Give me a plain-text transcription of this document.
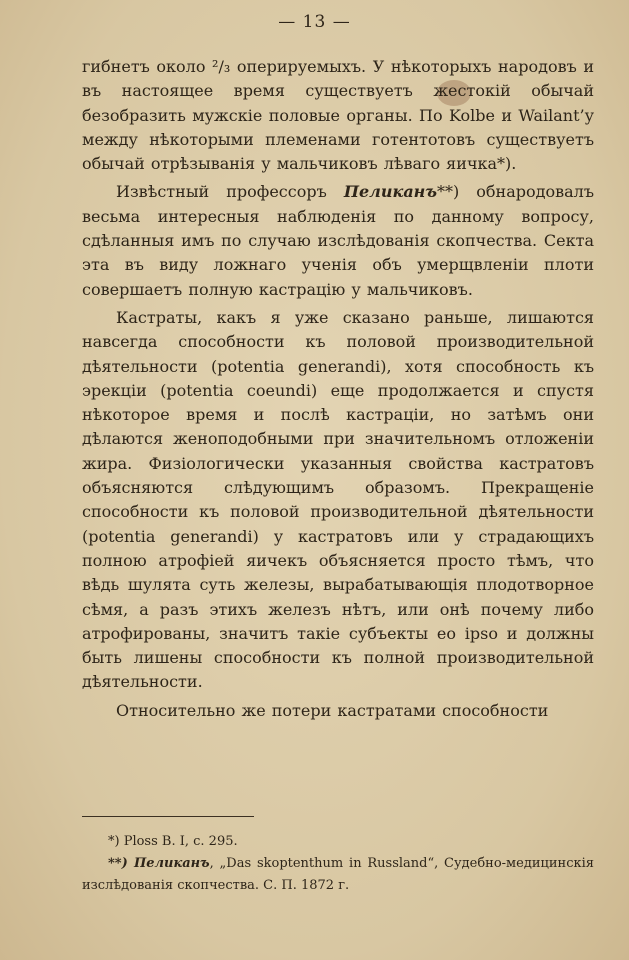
— 13 —

гибнетъ около ²/₃ оперируемыхъ. У нѣкоторыхъ народовъ и въ настоящее время существуетъ жестокій обычай безобразить мужскіе половые органы. По Kolbe и Wailant’у между нѣкоторыми племенами готентотовъ существуетъ обычай отрѣзыванія у мальчиковъ лѣваго яичка*).

Извѣстный профессоръ Пеликанъ**) обнародовалъ весьма интересныя наблюденія по данному вопросу, сдѣланныя имъ по случаю изслѣдованія скопчества. Секта эта въ виду ложнаго ученія объ умерщвленіи плоти совершаетъ полную кастрацію у мальчиковъ.

Кастраты, какъ я уже сказано раньше, лишаются навсегда способности къ половой производительной дѣятельности (potentia generandi), хотя способность къ эрекціи (potentia coeundi) еще продолжается и спустя нѣкоторое время и послѣ кастраціи, но затѣмъ они дѣлаются женоподобными при значительномъ отложеніи жира. Физіологически указанныя свойства кастратовъ объясняются слѣдующимъ образомъ. Прекращеніе способности къ половой производительной дѣятельности (potentia generandi) у кастратовъ или у страдающихъ полною атрофіей яичекъ объясняется просто тѣмъ, что вѣдь шулята суть железы, вырабатывающія плодотворное сѣмя, а разъ этихъ железъ нѣтъ, или онѣ почему либо атрофированы, значитъ такіе субъекты eo ipso и должны быть лишены способности къ полной производительной дѣятельности.

Относительно же потери кастратами способности

*) Ploss B. I, с. 295.

**) Пеликанъ, „Das skoptenthum in Russland“, Судебно-медицинскія изслѣдованія скопчества. С. П. 1872 г.
